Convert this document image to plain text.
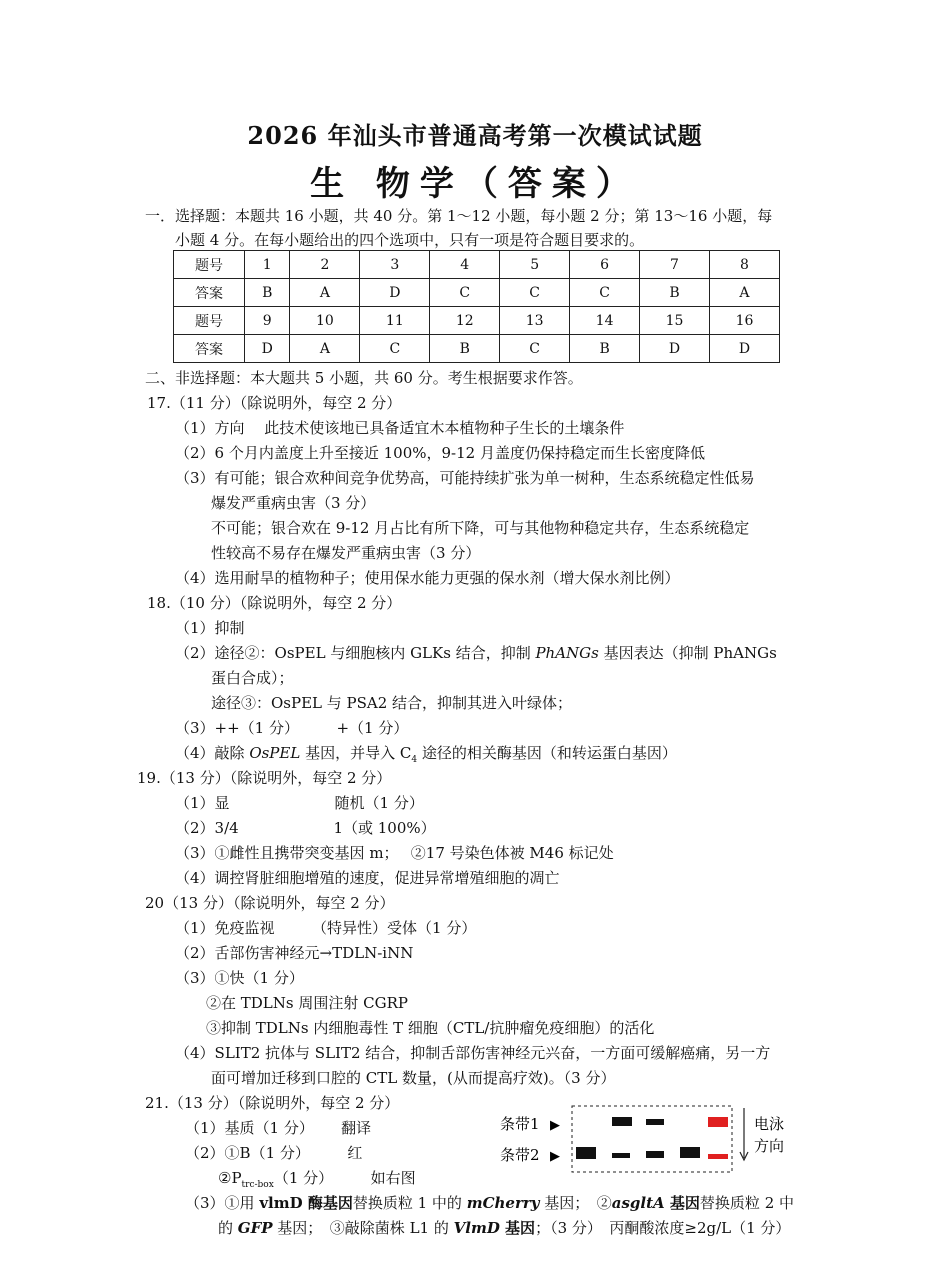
2026 年汕头市普通高考第一次模试试题
生 物学（答案）
一．选择题：本题共 16 小题，共 40 分。第 1～12 小题，每小题 2 分；第 13～16 小题，每
小题 4 分。在每小题给出的四个选项中，只有一项是符合题目要求的。
题号	1	2	3	4	5	6	7	8
答案	B	A	D	C	C	C	B	A
题号	9	10	11	12	13	14	15	16
答案	D	A	C	B	C	B	D	D
二、非选择题：本大题共 5 小题，共 60 分。考生根据要求作答。
17.（11 分）（除说明外，每空 2 分）
（1）方向　 此技术使该地已具备适宜木本植物种子生长的土壤条件
（2）6 个月内盖度上升至接近 100%，9-12 月盖度仍保持稳定而生长密度降低
（3）有可能；银合欢种间竞争优势高，可能持续扩张为单一树种，生态系统稳定性低易
爆发严重病虫害（3 分）
不可能；银合欢在 9-12 月占比有所下降，可与其他物种稳定共存，生态系统稳定
性较高不易存在爆发严重病虫害（3 分）
（4）选用耐旱的植物种子；使用保水能力更强的保水剂（增大保水剂比例）
18.（10 分）（除说明外，每空 2 分）
（1）抑制
（2）途径②：OsPEL 与细胞核内 GLKs 结合，抑制 PhANGs 基因表达（抑制 PhANGs
蛋白合成）；
途径③：OsPEL 与 PSA2 结合，抑制其进入叶绿体；
（3）++（1 分）　　　+（1 分）
（4）敲除 OsPEL 基因，并导入 $C_4$ 途径的相关酶基因（和转运蛋白基因）
19.（13 分）（除说明外，每空 2 分）
（1）显　　　　　　　随机（1 分）
（2）3/4　　　　　　 1（或 100%）
（3）①雌性且携带突变基因 m；　 ②17 号染色体被 M46 标记处
（4）调控肾脏细胞增殖的速度，促进异常增殖细胞的凋亡
20（13 分）（除说明外，每空 2 分）
（1）免疫监视　　　（特异性）受体（1 分）
（2）舌部伤害神经元→TDLN-iNN
（3）①快（1 分）
②在 TDLNs 周围注射 CGRP
③抑制 TDLNs 内细胞毒性 T 细胞（CTL/抗肿瘤免疫细胞）的活化
（4）SLIT2 抗体与 SLIT2 结合，抑制舌部伤害神经元兴奋，一方面可缓解癌痛，另一方
面可增加迁移到口腔的 CTL 数量，(从而提高疗效)。（3 分）
21.（13 分）（除说明外，每空 2 分）
（1）基质（1 分）　　 翻译
（2）①B（1 分）　　　红
$②P_{trc-box}(1$ 分）　　　如右图
（3）①用 vlmD 酶基因替换质粒 1 中的 mCherry 基因；　②asgltA 基因替换质粒 2 中
的 GFP 基因；　③敲除菌株 L1 的 VlmD 基因；（3 分）　丙酮酸浓度≥2g/L（1 分）
条带1 ▶
条带2 ▶
电泳
方向
